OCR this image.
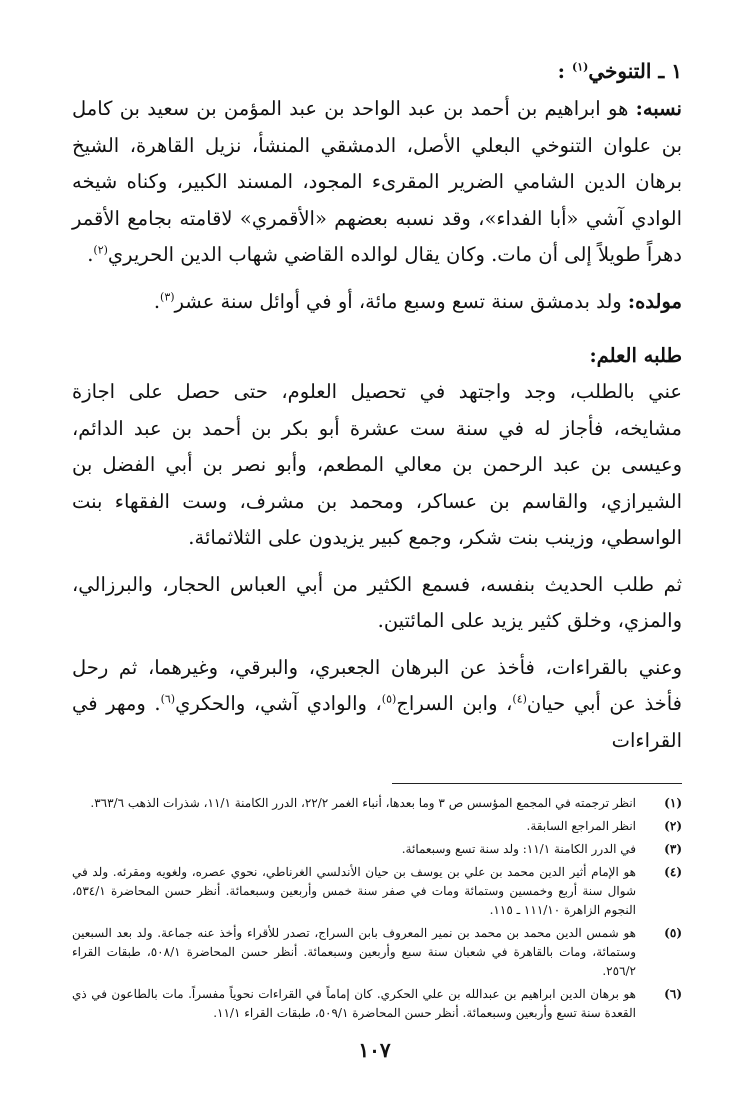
١ ـ التنوخي$^{(١)}$ :

نسبه: هو ابراهيم بن أحمد بن عبد الواحد بن عبد المؤمن بن سعيد بن كامل بن علوان التنوخي البعلي الأصل، الدمشقي المنشأ، نزيل القاهرة، الشيخ برهان الدين الشامي الضرير المقرىء المجود، المسند الكبير، وكناه شيخه الوادي آشي «أبا الفداء»، وقد نسبه بعضهم «الأقمري» لاقامته بجامع الأقمر دهراً طويلاً إلى أن مات. وكان يقال لوالده القاضي شهاب الدين الحريري$^{(٢)}$.

مولده: ولد بدمشق سنة تسع وسبع مائة، أو في أوائل سنة عشر$^{(٣)}$.

طلبه العلم:

عني بالطلب، وجد واجتهد في تحصيل العلوم، حتى حصل على اجازة مشايخه، فأجاز له في سنة ست عشرة أبو بكر بن أحمد بن عبد الدائم، وعيسى بن عبد الرحمن بن معالي المطعم، وأبو نصر بن أبي الفضل بن الشيرازي، والقاسم بن عساكر، ومحمد بن مشرف، وست الفقهاء بنت الواسطي، وزينب بنت شكر، وجمع كبير يزيدون على الثلاثمائة.

ثم طلب الحديث بنفسه، فسمع الكثير من أبي العباس الحجار، والبرزالي، والمزي، وخلق كثير يزيد على المائتين.

وعني بالقراءات، فأخذ عن البرهان الجعبري، والبرقي، وغيرهما، ثم رحل فأخذ عن أبي حيان$^{(٤)}$، وابن السراج$^{(٥)}$، والوادي آشي، والحكري$^{(٦)}$. ومهر في القراءات

(١)
انظر ترجمته في المجمع المؤسس ص ٣ وما بعدها، أنباء الغمر ٢٢/٢، الدرر الكامنة ١١/١، شذرات الذهب ٣٦٣/٦.
(٢)
انظر المراجع السابقة.
(٣)
في الدرر الكامنة ١١/١: ولد سنة تسع وسبعمائة.
(٤)
هو الإمام أثير الدين محمد بن علي بن يوسف بن حيان الأندلسي الغرناطي، نحوي عصره، ولغويه ومقرئه. ولد في شوال سنة أربع وخمسين وستمائة ومات في صفر سنة خمس وأربعين وسبعمائة. أنظر حسن المحاضرة ٥٣٤/١، النجوم الزاهرة ١١١/١٠ ـ ١١٥.
(٥)
هو شمس الدين محمد بن محمد بن نمير المعروف بابن السراج، تصدر للأقراء وأخذ عنه جماعة. ولد بعد السبعين وستمائة، ومات بالقاهرة في شعبان سنة سبع وأربعين وسبعمائة. أنظر حسن المحاضرة ٥٠٨/١، طبقات القراء ٢٥٦/٢.
(٦)
هو برهان الدين ابراهيم بن عبدالله بن علي الحكري. كان إماماً في القراءات نحوياً مفسراً. مات بالطاعون في ذي القعدة سنة تسع وأربعين وسبعمائة. أنظر حسن المحاضرة ٥٠٩/١، طبقات القراء ١١/١.
١٠٧
